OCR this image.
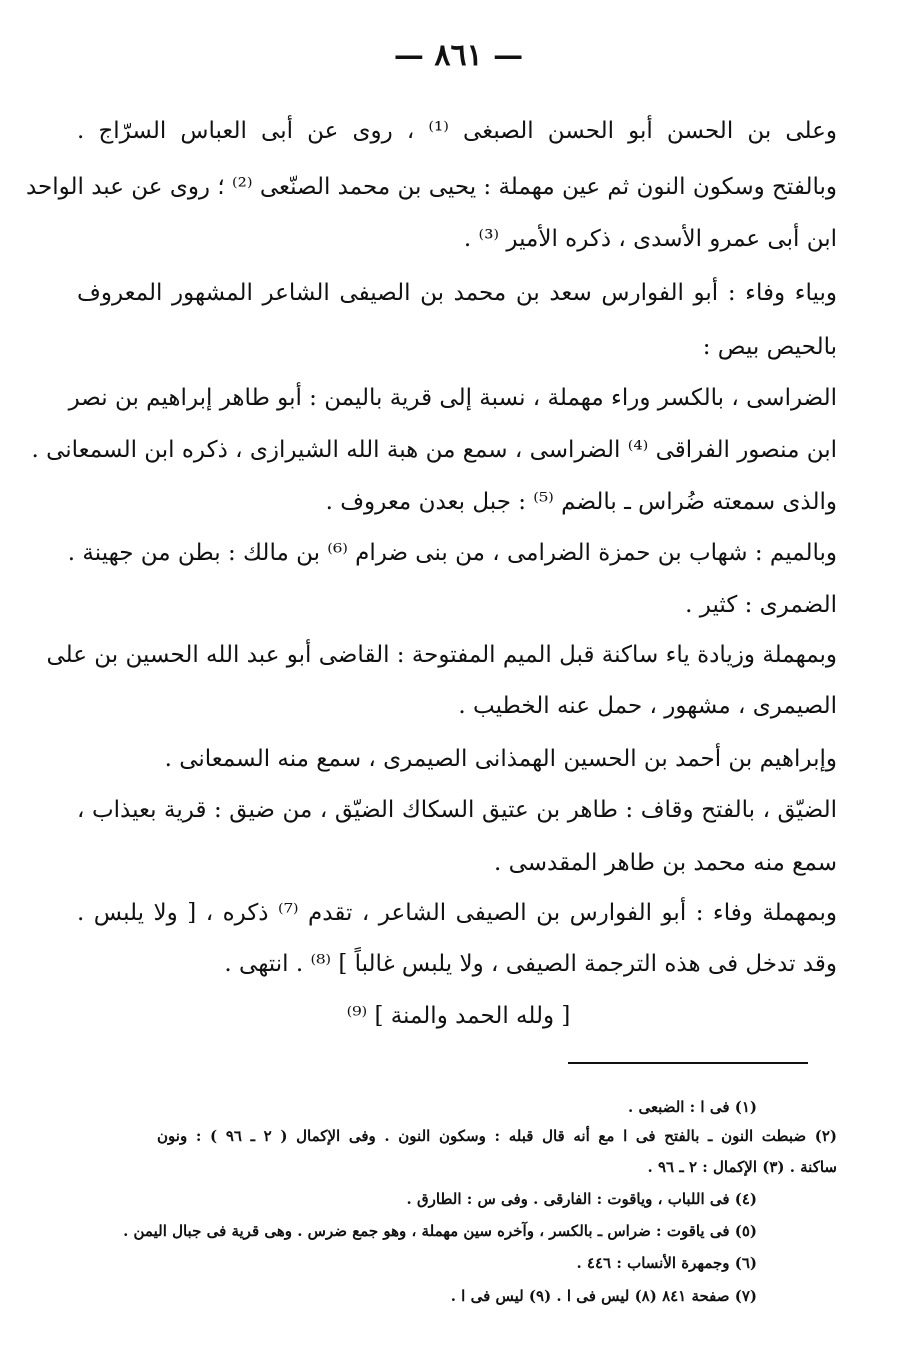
— ٨٦١ —
وعلى بن الحسن أبو الحسن الصبغى ⁽¹⁾ ، روى عن أبى العباس السرّاج .
وبالفتح وسكون النون ثم عين مهملة : يحيى بن محمد الصنّعى ⁽²⁾ ؛ روى عن عبد الواحد
ابن أبى عمرو الأسدى ، ذكره الأمير ⁽³⁾ .
وبياء وفاء : أبو الفوارس سعد بن محمد بن الصيفى الشاعر المشهور المعروف
بالحيص بيص :
الضراسى ، بالكسر وراء مهملة ، نسبة إلى قرية باليمن : أبو طاهر إبراهيم بن نصر
ابن منصور الفراقى ⁽⁴⁾ الضراسى ، سمع من هبة الله الشيرازى ، ذكره ابن السمعانى .
والذى سمعته ضُراس ـ بالضم ⁽⁵⁾ : جبل بعدن معروف .
وبالميم : شهاب بن حمزة الضرامى ، من بنى ضرام ⁽⁶⁾ بن مالك : بطن من جهينة .
الضمرى : كثير .
وبمهملة وزيادة ياء ساكنة قبل الميم المفتوحة : القاضى أبو عبد الله الحسين بن على
الصيمرى ، مشهور ، حمل عنه الخطيب .
وإبراهيم بن أحمد بن الحسين الهمذانى الصيمرى ، سمع منه السمعانى .
الضيّق ، بالفتح وقاف : طاهر بن عتيق السكاك الضيّق ، من ضيق : قرية بعيذاب ،
سمع منه محمد بن طاهر المقدسى .
وبمهملة وفاء : أبو الفوارس بن الصيفى الشاعر ، تقدم ⁽⁷⁾ ذكره ، [ ولا يلبس .
وقد تدخل فى هذه الترجمة الصيفى ، ولا يلبس غالباً ] ⁽⁸⁾ . انتهى .
[ ولله الحمد والمنة ] ⁽⁹⁾
(١) فى ا : الضبعى .
(٢) ضبطت النون ـ بالفتح فى ا مع أنه قال قبله : وسكون النون . وفى الإكمال ( ٢ ـ ٩٦ ) : ونون
ساكنة . (٣) الإكمال : ٢ ـ ٩٦ .
(٤) فى اللباب ، وياقوت : الفارقى . وفى س : الطارق .
(٥) فى ياقوت : ضراس ـ بالكسر ، وآخره سين مهملة ، وهو جمع ضرس . وهى قرية فى جبال اليمن .
(٦) وجمهرة الأنساب : ٤٤٦ .
(٧) صفحة ٨٤١ (٨) ليس فى ا . (٩) ليس فى ا .
